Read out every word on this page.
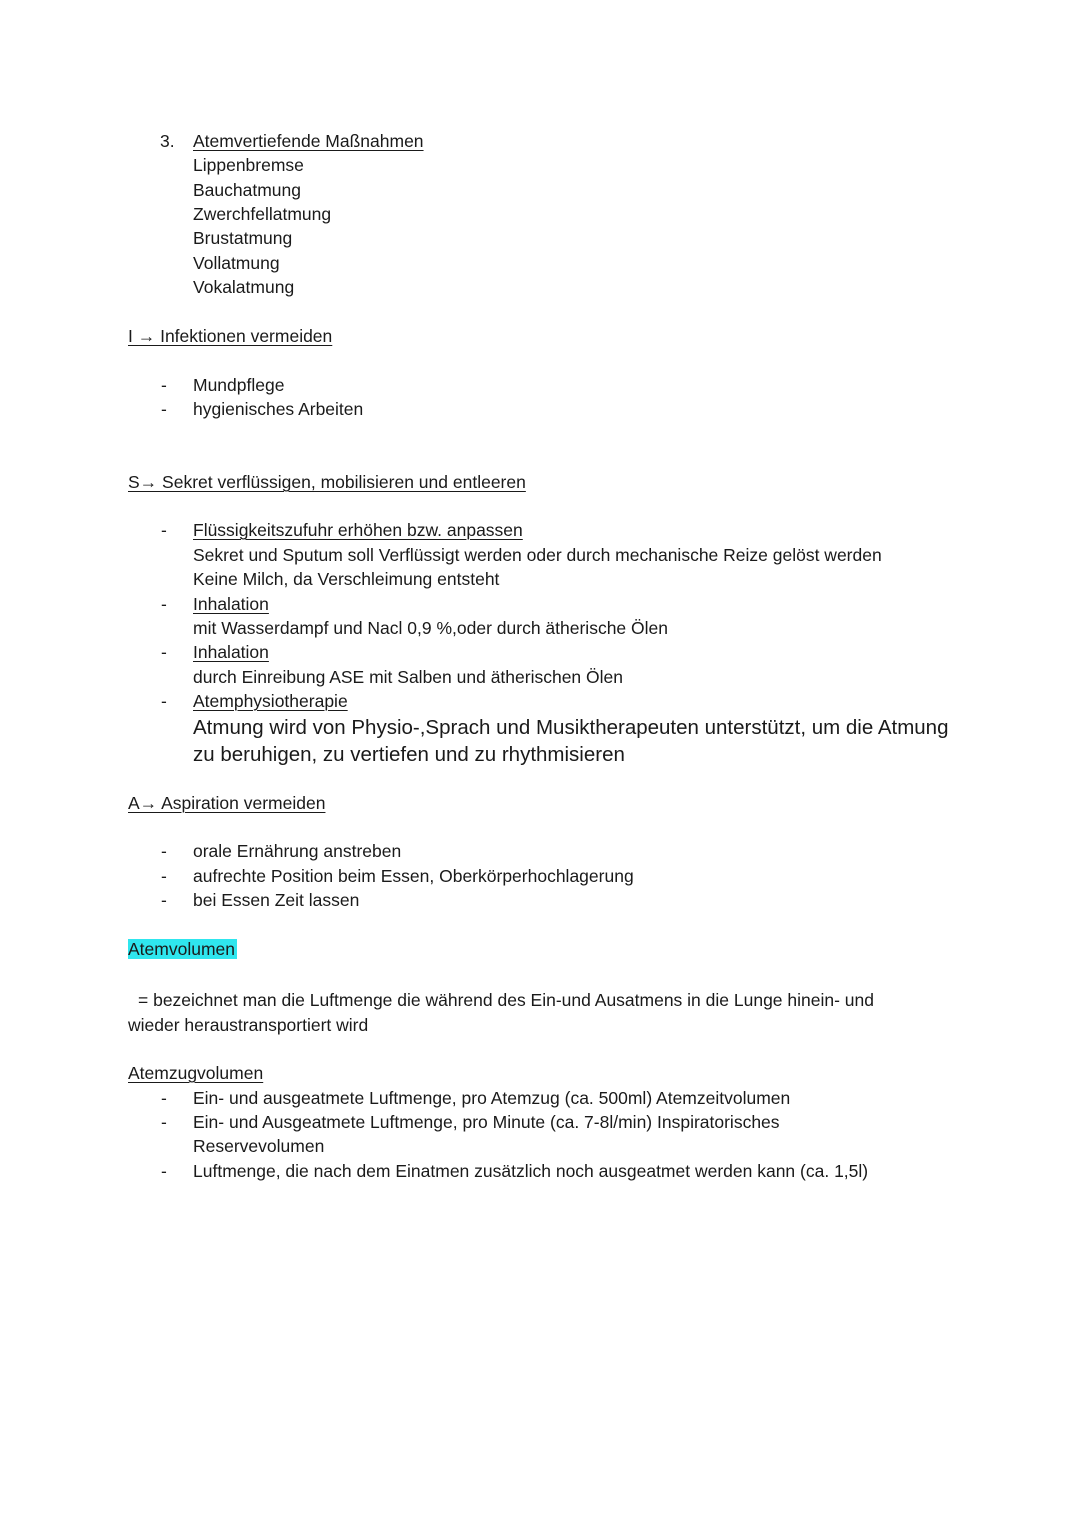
3. Atemvertiefende Maßnahmen
Lippenbremse
Bauchatmung
Zwerchfellatmung
Brustatmung
Vollatmung
Vokalatmung
I → Infektionen vermeiden
- Mundpflege
- hygienisches Arbeiten
S→ Sekret verflüssigen, mobilisieren und entleeren
- Flüssigkeitszufuhr erhöhen bzw. anpassen
Sekret und Sputum soll Verflüssigt werden oder durch mechanische Reize gelöst werden
Keine Milch, da Verschleimung entsteht
- Inhalation
mit Wasserdampf und Nacl 0,9 %,oder durch ätherische Ölen
- Inhalation
durch Einreibung ASE mit Salben und ätherischen Ölen
- Atemphysiotherapie
Atmung wird von Physio-,Sprach und Musiktherapeuten unterstützt, um die Atmung
zu beruhigen, zu vertiefen und zu rhythmisieren
A→ Aspiration vermeiden
- orale Ernährung anstreben
- aufrechte Position beim Essen, Oberkörperhochlagerung
- bei Essen Zeit lassen
Atemvolumen
= bezeichnet man die Luftmenge die während des Ein-und Ausatmens in die Lunge hinein- und
wieder heraustransportiert wird
Atemzugvolumen
- Ein- und ausgeatmete Luftmenge, pro Atemzug (ca. 500ml) Atemzeitvolumen
- Ein- und Ausgeatmete Luftmenge, pro Minute (ca. 7-8l/min) Inspiratorisches
Reservevolumen
- Luftmenge, die nach dem Einatmen zusätzlich noch ausgeatmet werden kann (ca. 1,5l)
